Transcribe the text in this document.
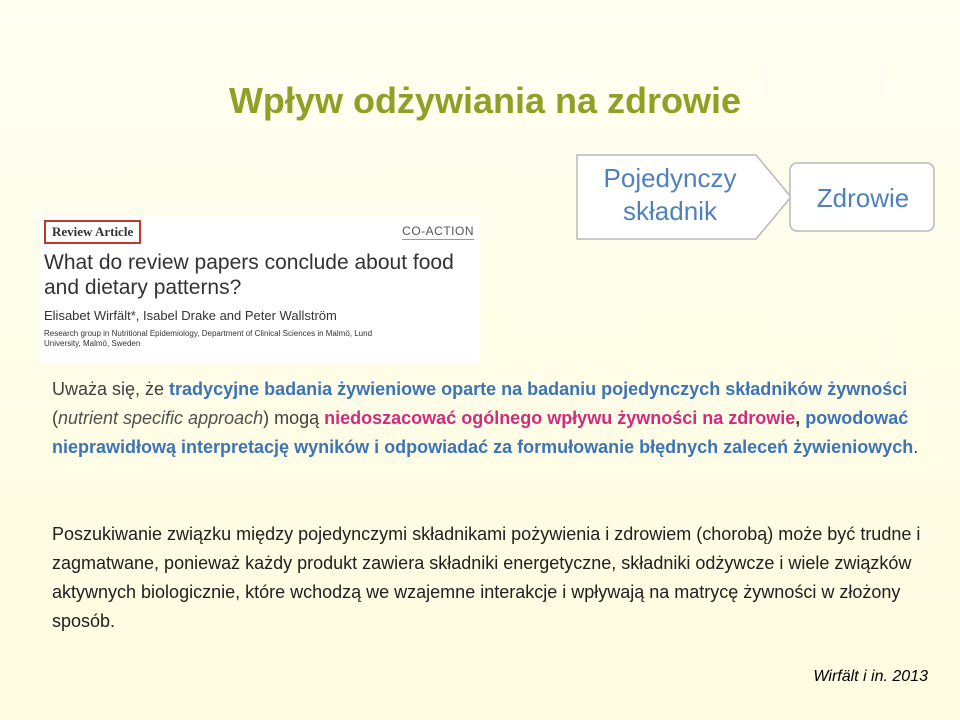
Wpływ odżywiania na zdrowie
Pojedynczy
składnik	Zdrowie
Review Article	CO-ACTION
What do review papers conclude about food and dietary patterns?
Elisabet Wirfält*, Isabel Drake and Peter Wallström
Research group in Nutritional Epidemiology, Department of Clinical Sciences in Malmö, Lund University, Malmö, Sweden
Uważa się, że tradycyjne badania żywieniowe oparte na badaniu pojedynczych składników żywności (nutrient specific approach) mogą niedoszacować ogólnego wpływu żywności na zdrowie, powodować nieprawidłową interpretację wyników i odpowiadać za formułowanie błędnych zaleceń żywieniowych.
Poszukiwanie związku między pojedynczymi składnikami pożywienia i zdrowiem (chorobą) może być trudne i zagmatwane, ponieważ każdy produkt zawiera składniki energetyczne, składniki odżywcze i wiele związków aktywnych biologicznie, które wchodzą we wzajemne interakcje i wpływają na matrycę żywności w złożony sposób.
Wirfält i in. 2013
